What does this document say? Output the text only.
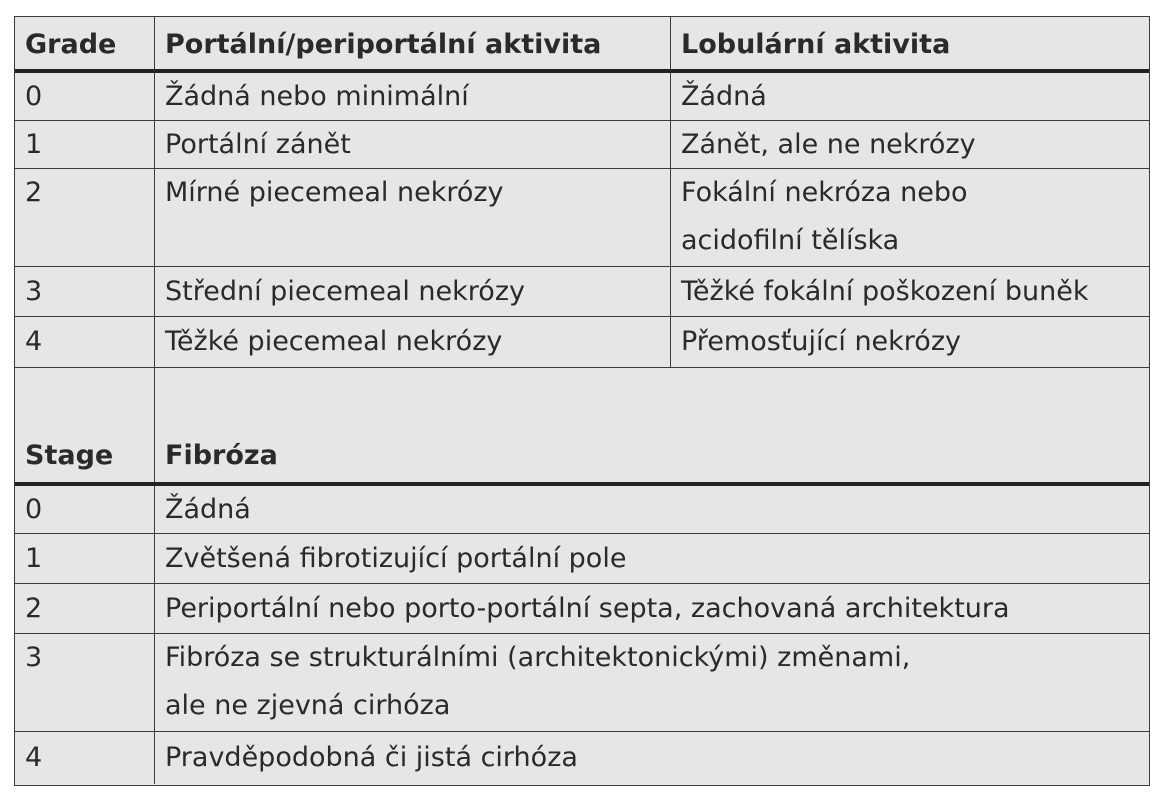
Grade	Portální/periportální aktivita	Lobulární aktivita
0	Žádná nebo minimální	Žádná
1	Portální zánět	Zánět, ale ne nekrózy
2	Mírné piecemeal nekrózy	Fokální nekróza nebo
acidofilní tělíska
3	Střední piecemeal nekrózy	Těžké fokální poškození buněk
4	Těžké piecemeal nekrózy	Přemosťující nekrózy
Stage	Fibróza
0	Žádná
1	Zvětšená fibrotizující portální pole
2	Periportální nebo porto-portální septa, zachovaná architektura
3	Fibróza se strukturálními (architektonickými) změnami,
ale ne zjevná cirhóza
4	Pravděpodobná či jistá cirhóza
